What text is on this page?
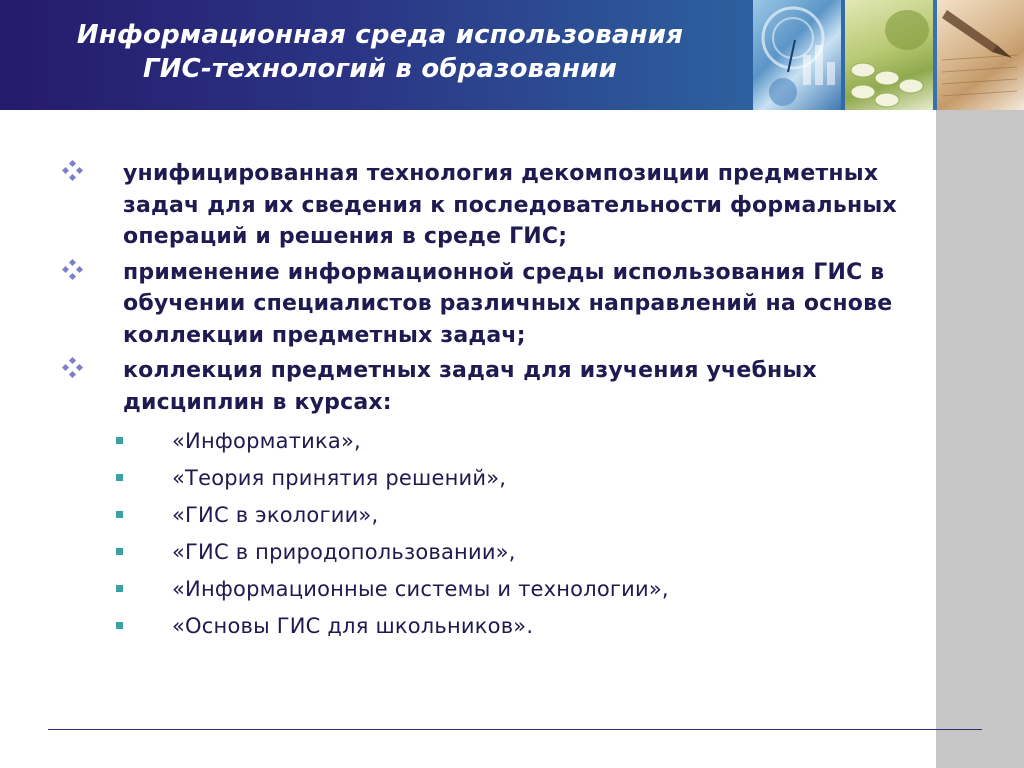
Информационная среда использования
ГИС-технологий в образовании
унифицированная технология декомпозиции предметных задач для их сведения к последовательности формальных операций и решения в среде ГИС;
применение информационной среды использования ГИС в обучении специалистов различных направлений на основе коллекции предметных задач;
коллекция предметных задач для изучения учебных дисциплин в курсах:
«Информатика»,
«Теория принятия решений»,
«ГИС в экологии»,
«ГИС в природопользовании»,
«Информационные системы и технологии»,
«Основы ГИС для школьников».
